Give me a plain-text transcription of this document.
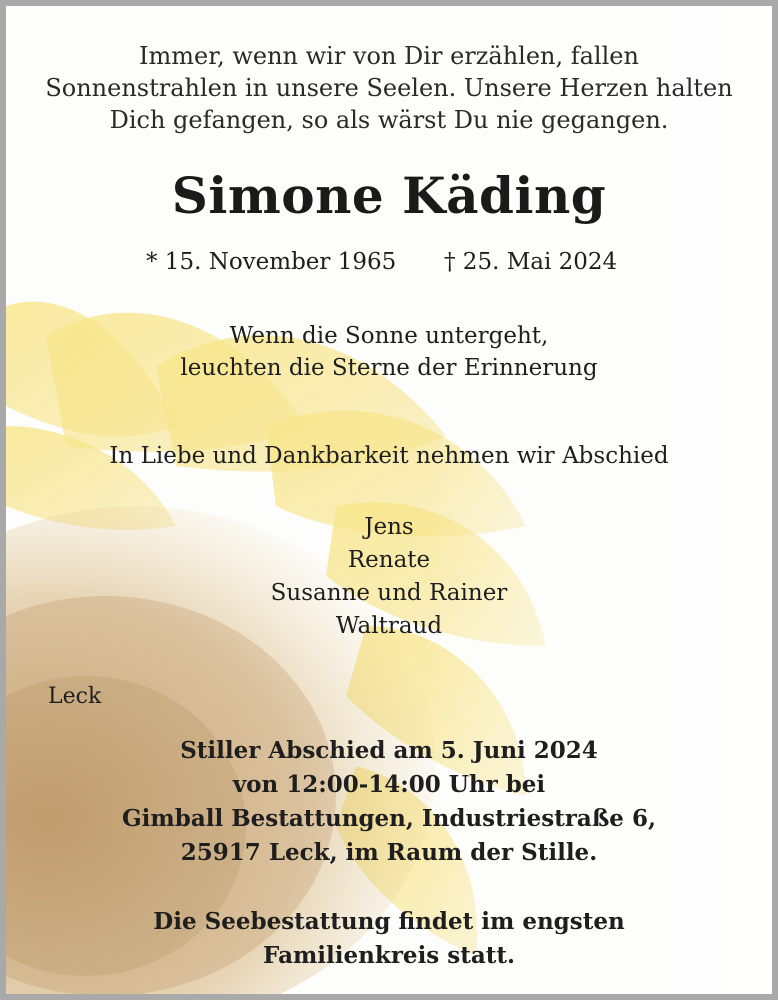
Immer, wenn wir von Dir erzählen, fallen
Sonnenstrahlen in unsere Seelen. Unsere Herzen halten
Dich gefangen, so als wärst Du nie gegangen.
Simone Käding
* 15. November 1965 † 25. Mai 2024
Wenn die Sonne untergeht,
leuchten die Sterne der Erinnerung
In Liebe und Dankbarkeit nehmen wir Abschied
Jens
Renate
Susanne und Rainer
Waltraud
Leck
Stiller Abschied am 5. Juni 2024
von 12:00-14:00 Uhr bei
Gimball Bestattungen, Industriestraße 6,
25917 Leck, im Raum der Stille.
Die Seebestattung findet im engsten
Familienkreis statt.
